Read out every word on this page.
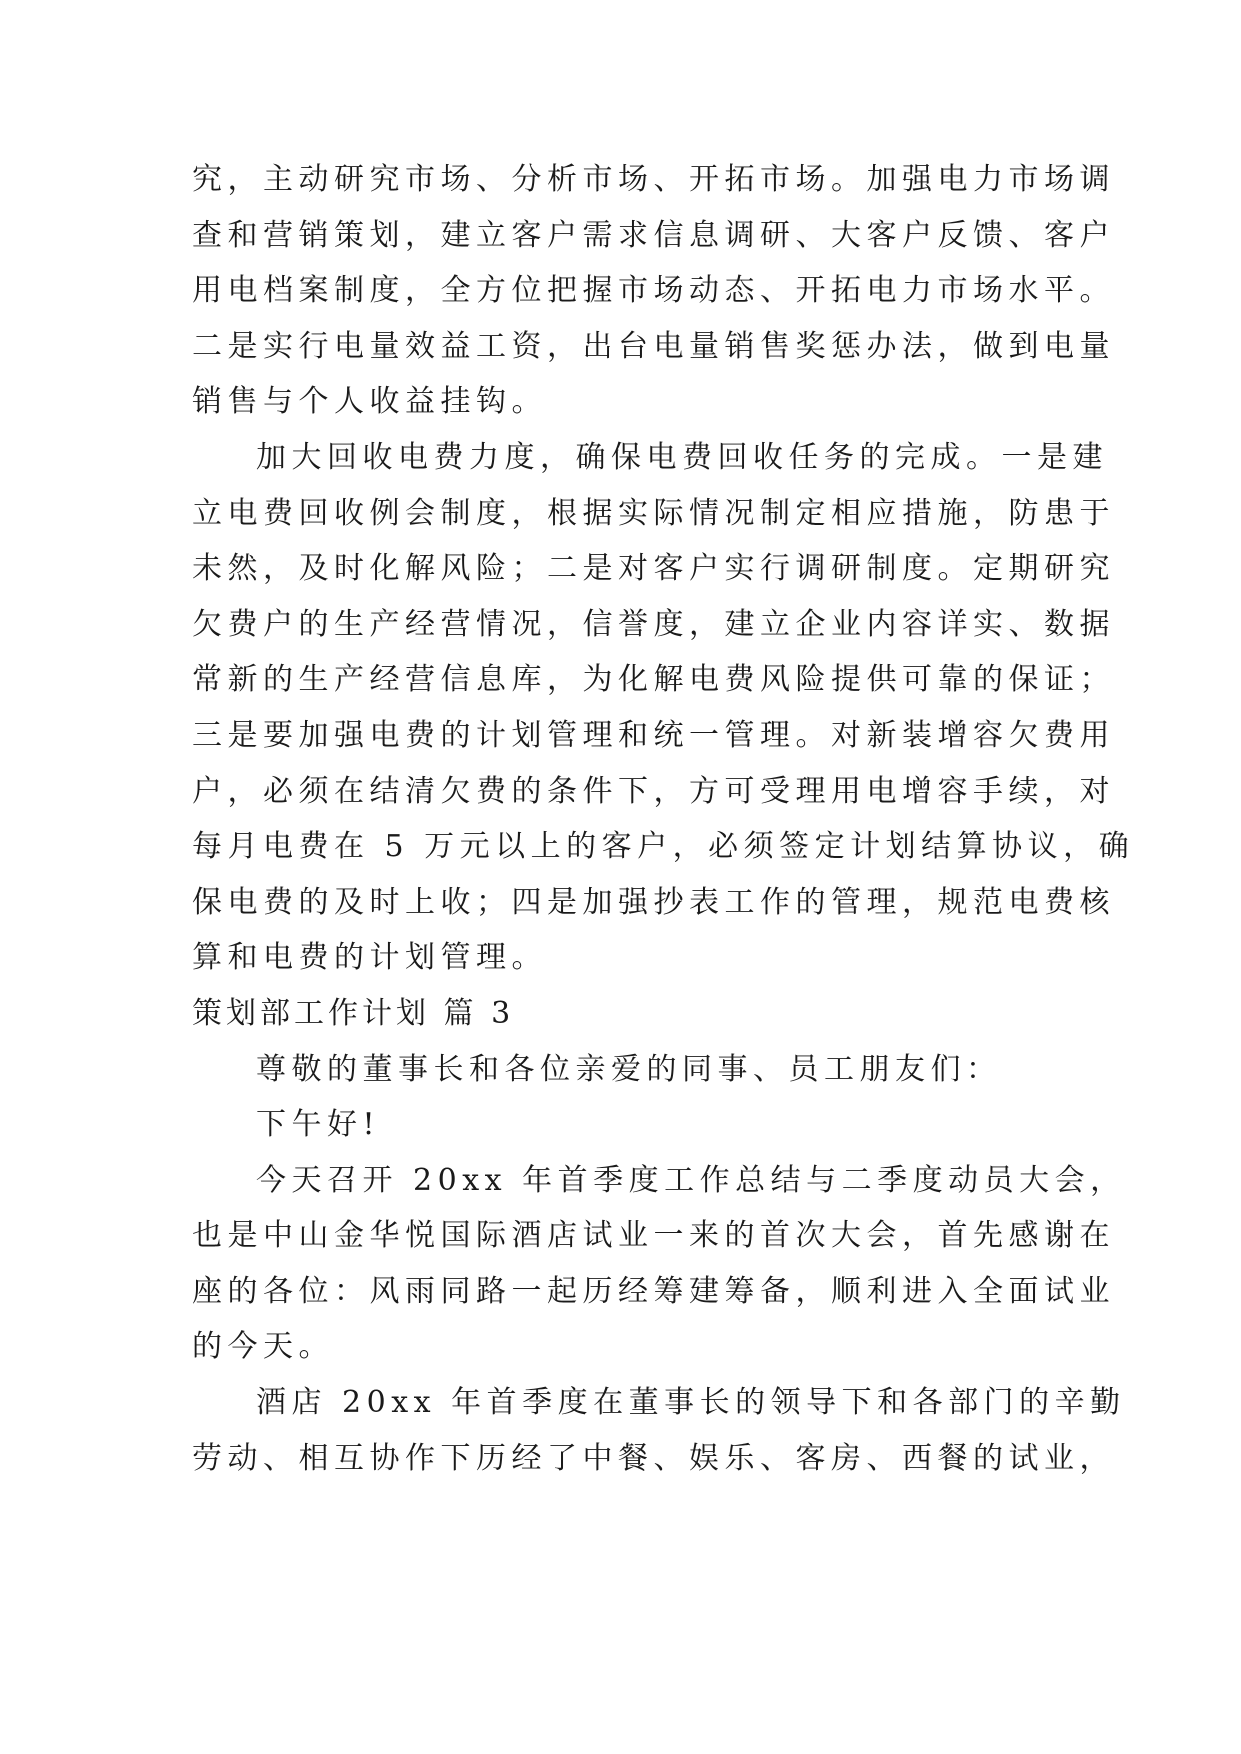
究，主动研究市场、分析市场、开拓市场。加强电力市场调
查和营销策划，建立客户需求信息调研、大客户反馈、客户
用电档案制度，全方位把握市场动态、开拓电力市场水平。
二是实行电量效益工资，出台电量销售奖惩办法，做到电量
销售与个人收益挂钩。
加大回收电费力度，确保电费回收任务的完成。一是建
立电费回收例会制度，根据实际情况制定相应措施，防患于
未然，及时化解风险；二是对客户实行调研制度。定期研究
欠费户的生产经营情况，信誉度，建立企业内容详实、数据
常新的生产经营信息库，为化解电费风险提供可靠的保证；
三是要加强电费的计划管理和统一管理。对新装增容欠费用
户，必须在结清欠费的条件下，方可受理用电增容手续，对
每月电费在 5 万元以上的客户，必须签定计划结算协议，确
保电费的及时上收；四是加强抄表工作的管理，规范电费核
算和电费的计划管理。
策划部工作计划 篇 3
尊敬的董事长和各位亲爱的同事、员工朋友们：
下午好!
今天召开 20xx 年首季度工作总结与二季度动员大会，
也是中山金华悦国际酒店试业一来的首次大会，首先感谢在
座的各位：风雨同路一起历经筹建筹备，顺利进入全面试业
的今天。
酒店 20xx 年首季度在董事长的领导下和各部门的辛勤
劳动、相互协作下历经了中餐、娱乐、客房、西餐的试业，
